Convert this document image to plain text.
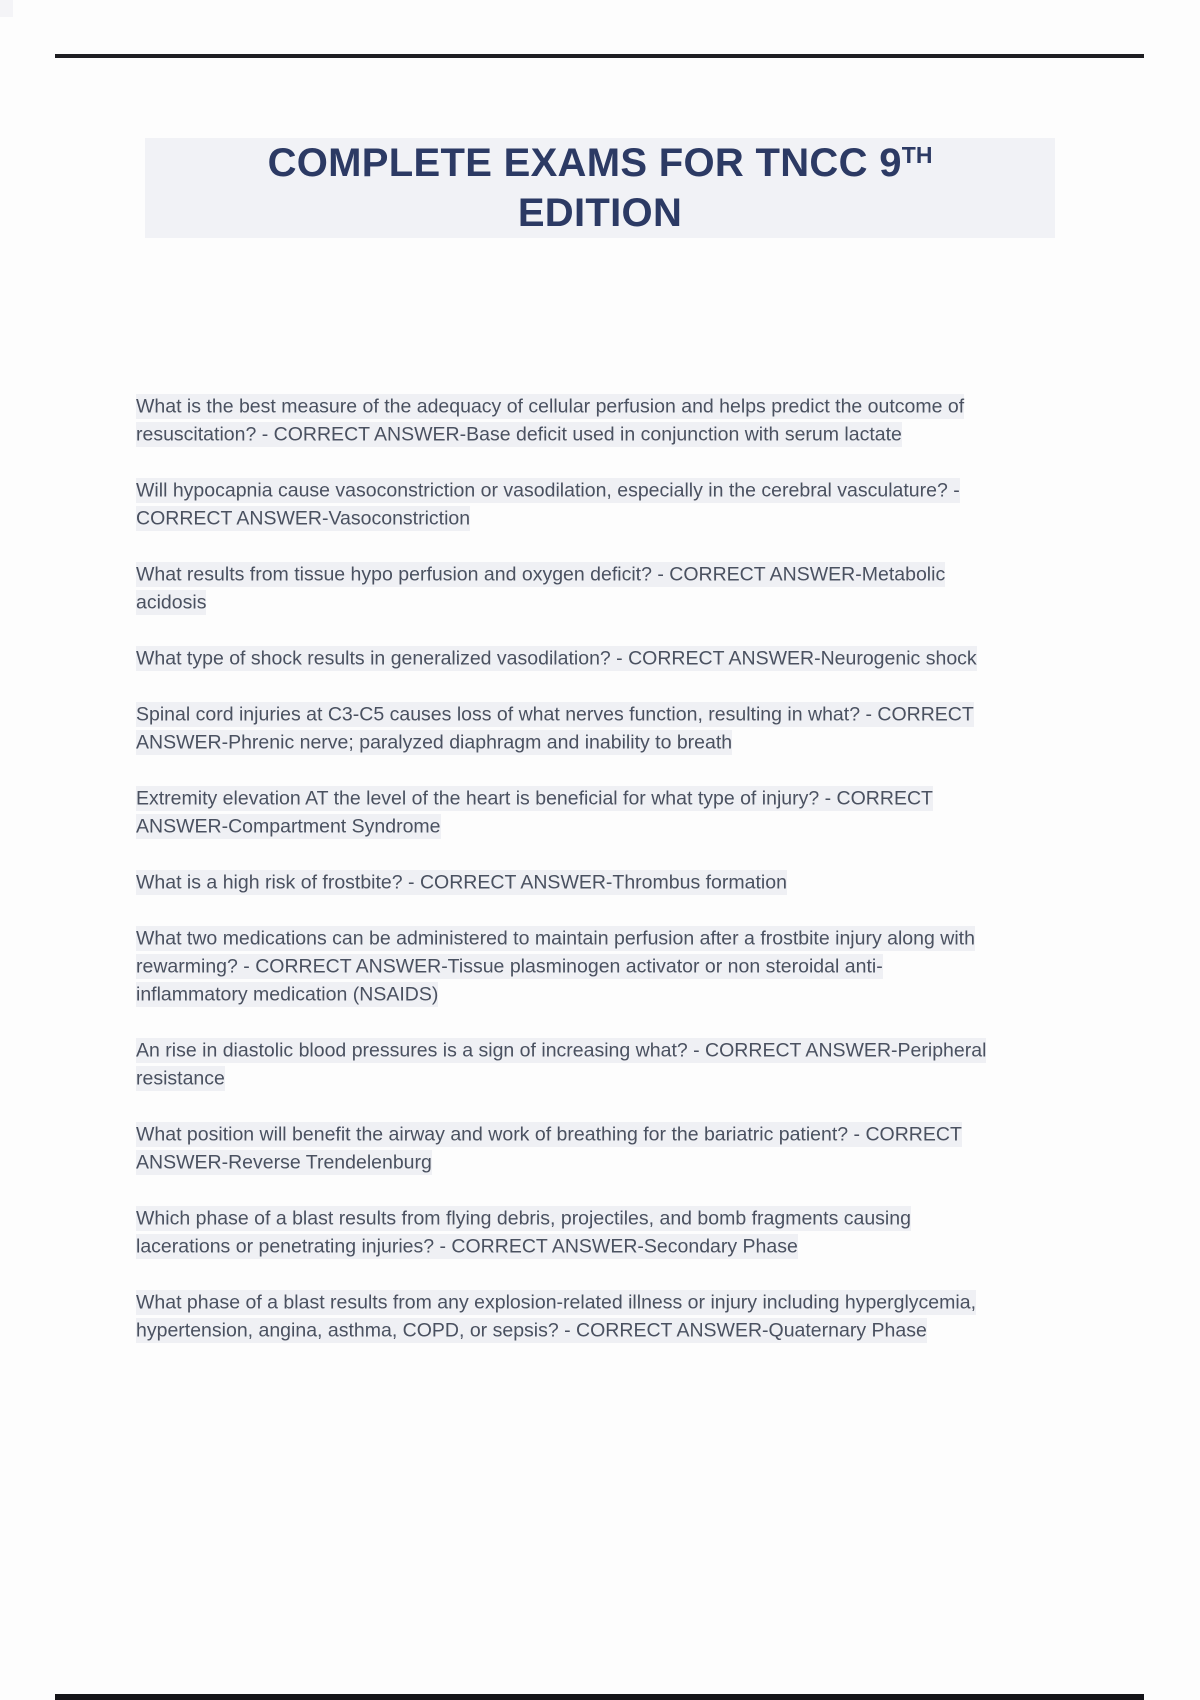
COMPLETE EXAMS FOR TNCC 9TH
EDITION

What is the best measure of the adequacy of cellular perfusion and helps predict the outcome of resuscitation? - CORRECT ANSWER-Base deficit used in conjunction with serum lactate

Will hypocapnia cause vasoconstriction or vasodilation, especially in the cerebral vasculature? - CORRECT ANSWER-Vasoconstriction

What results from tissue hypo perfusion and oxygen deficit? - CORRECT ANSWER-Metabolic acidosis

What type of shock results in generalized vasodilation? - CORRECT ANSWER-Neurogenic shock

Spinal cord injuries at C3-C5 causes loss of what nerves function, resulting in what? - CORRECT ANSWER-Phrenic nerve; paralyzed diaphragm and inability to breath

Extremity elevation AT the level of the heart is beneficial for what type of injury? - CORRECT ANSWER-Compartment Syndrome

What is a high risk of frostbite? - CORRECT ANSWER-Thrombus formation

What two medications can be administered to maintain perfusion after a frostbite injury along with rewarming? - CORRECT ANSWER-Tissue plasminogen activator or non steroidal anti-inflammatory medication (NSAIDS)

An rise in diastolic blood pressures is a sign of increasing what? - CORRECT ANSWER-Peripheral resistance

What position will benefit the airway and work of breathing for the bariatric patient? - CORRECT ANSWER-Reverse Trendelenburg

Which phase of a blast results from flying debris, projectiles, and bomb fragments causing lacerations or penetrating injuries? - CORRECT ANSWER-Secondary Phase

What phase of a blast results from any explosion-related illness or injury including hyperglycemia, hypertension, angina, asthma, COPD, or sepsis? - CORRECT ANSWER-Quaternary Phase
